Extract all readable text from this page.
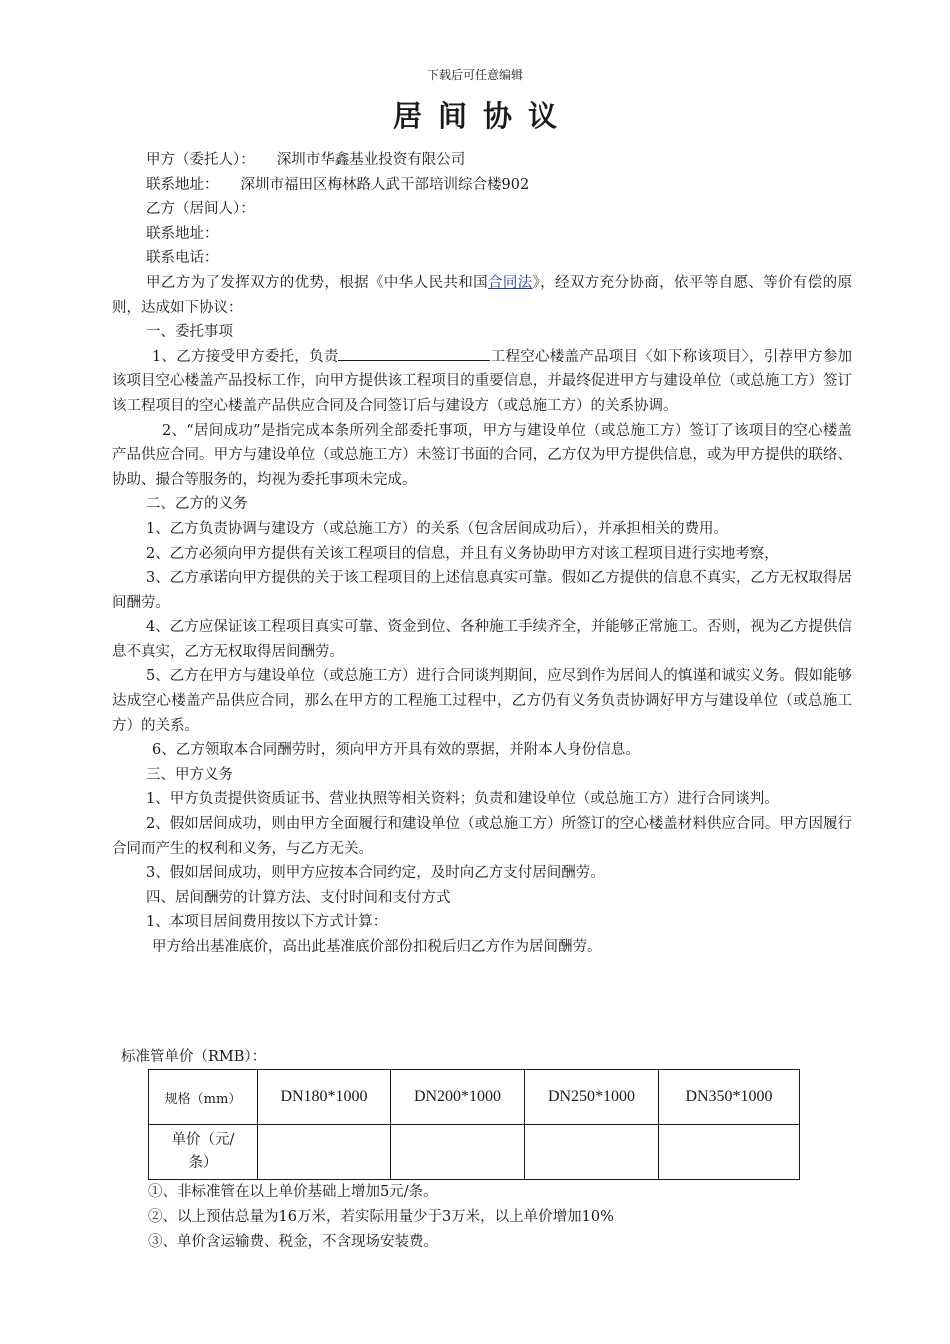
下载后可任意编辑
居间协议

甲方（委托人）： 深圳市华鑫基业投资有限公司

联系地址： 深圳市福田区梅林路人武干部培训综合楼902

乙方（居间人）：

联系地址：

联系电话：

甲乙方为了发挥双方的优势，根据《中华人民共和国合同法》，经双方充分协商，依平等自愿、等价有偿的原则，达成如下协议：

一、委托事项

1、乙方接受甲方委托，负责	工程空心楼盖产品项目〈如下称该项目〉，引荐甲方参加该项目空心楼盖产品投标工作，向甲方提供该工程项目的重要信息，并最终促进甲方与建设单位（或总施工方）签订该工程项目的空心楼盖产品供应合同及合同签订后与建设方（或总施工方）的关系协调。

2、“居间成功”是指完成本条所列全部委托事项，甲方与建设单位（或总施工方）签订了该项目的空心楼盖产品供应合同。甲方与建设单位（或总施工方）未签订书面的合同，乙方仅为甲方提供信息，或为甲方提供的联络、协助、撮合等服务的，均视为委托事项未完成。

二、乙方的义务

1、乙方负责协调与建设方（或总施工方）的关系（包含居间成功后），并承担相关的费用。

2、乙方必须向甲方提供有关该工程项目的信息，并且有义务协助甲方对该工程项目进行实地考察，

3、乙方承诺向甲方提供的关于该工程项目的上述信息真实可靠。假如乙方提供的信息不真实，乙方无权取得居间酬劳。

4、乙方应保证该工程项目真实可靠、资金到位、各种施工手续齐全，并能够正常施工。否则，视为乙方提供信息不真实，乙方无权取得居间酬劳。

5、乙方在甲方与建设单位（或总施工方）进行合同谈判期间，应尽到作为居间人的慎谨和诚实义务。假如能够达成空心楼盖产品供应合同，那么在甲方的工程施工过程中，乙方仍有义务负责协调好甲方与建设单位（或总施工方）的关系。

6、乙方领取本合同酬劳时，须向甲方开具有效的票据，并附本人身份信息。

三、甲方义务

1、甲方负责提供资质证书、营业执照等相关资料；负责和建设单位（或总施工方）进行合同谈判。

2、假如居间成功，则由甲方全面履行和建设单位（或总施工方）所签订的空心楼盖材料供应合同。甲方因履行合同而产生的权利和义务，与乙方无关。

3、假如居间成功，则甲方应按本合同约定，及时向乙方支付居间酬劳。

四、居间酬劳的计算方法、支付时间和支付方式

1、本项目居间费用按以下方式计算：

甲方给出基准底价，高出此基准底价部份扣税后归乙方作为居间酬劳。

标准管单价（RMB）：
规格（mm）	DN180*1000	DN200*1000	DN250*1000	DN350*1000
单价（元/
条）				

①、非标准管在以上单价基础上增加5元/条。

②、以上预估总量为16万米，若实际用量少于3万米，以上单价增加10%

③、单价含运输费、税金，不含现场安装费。
